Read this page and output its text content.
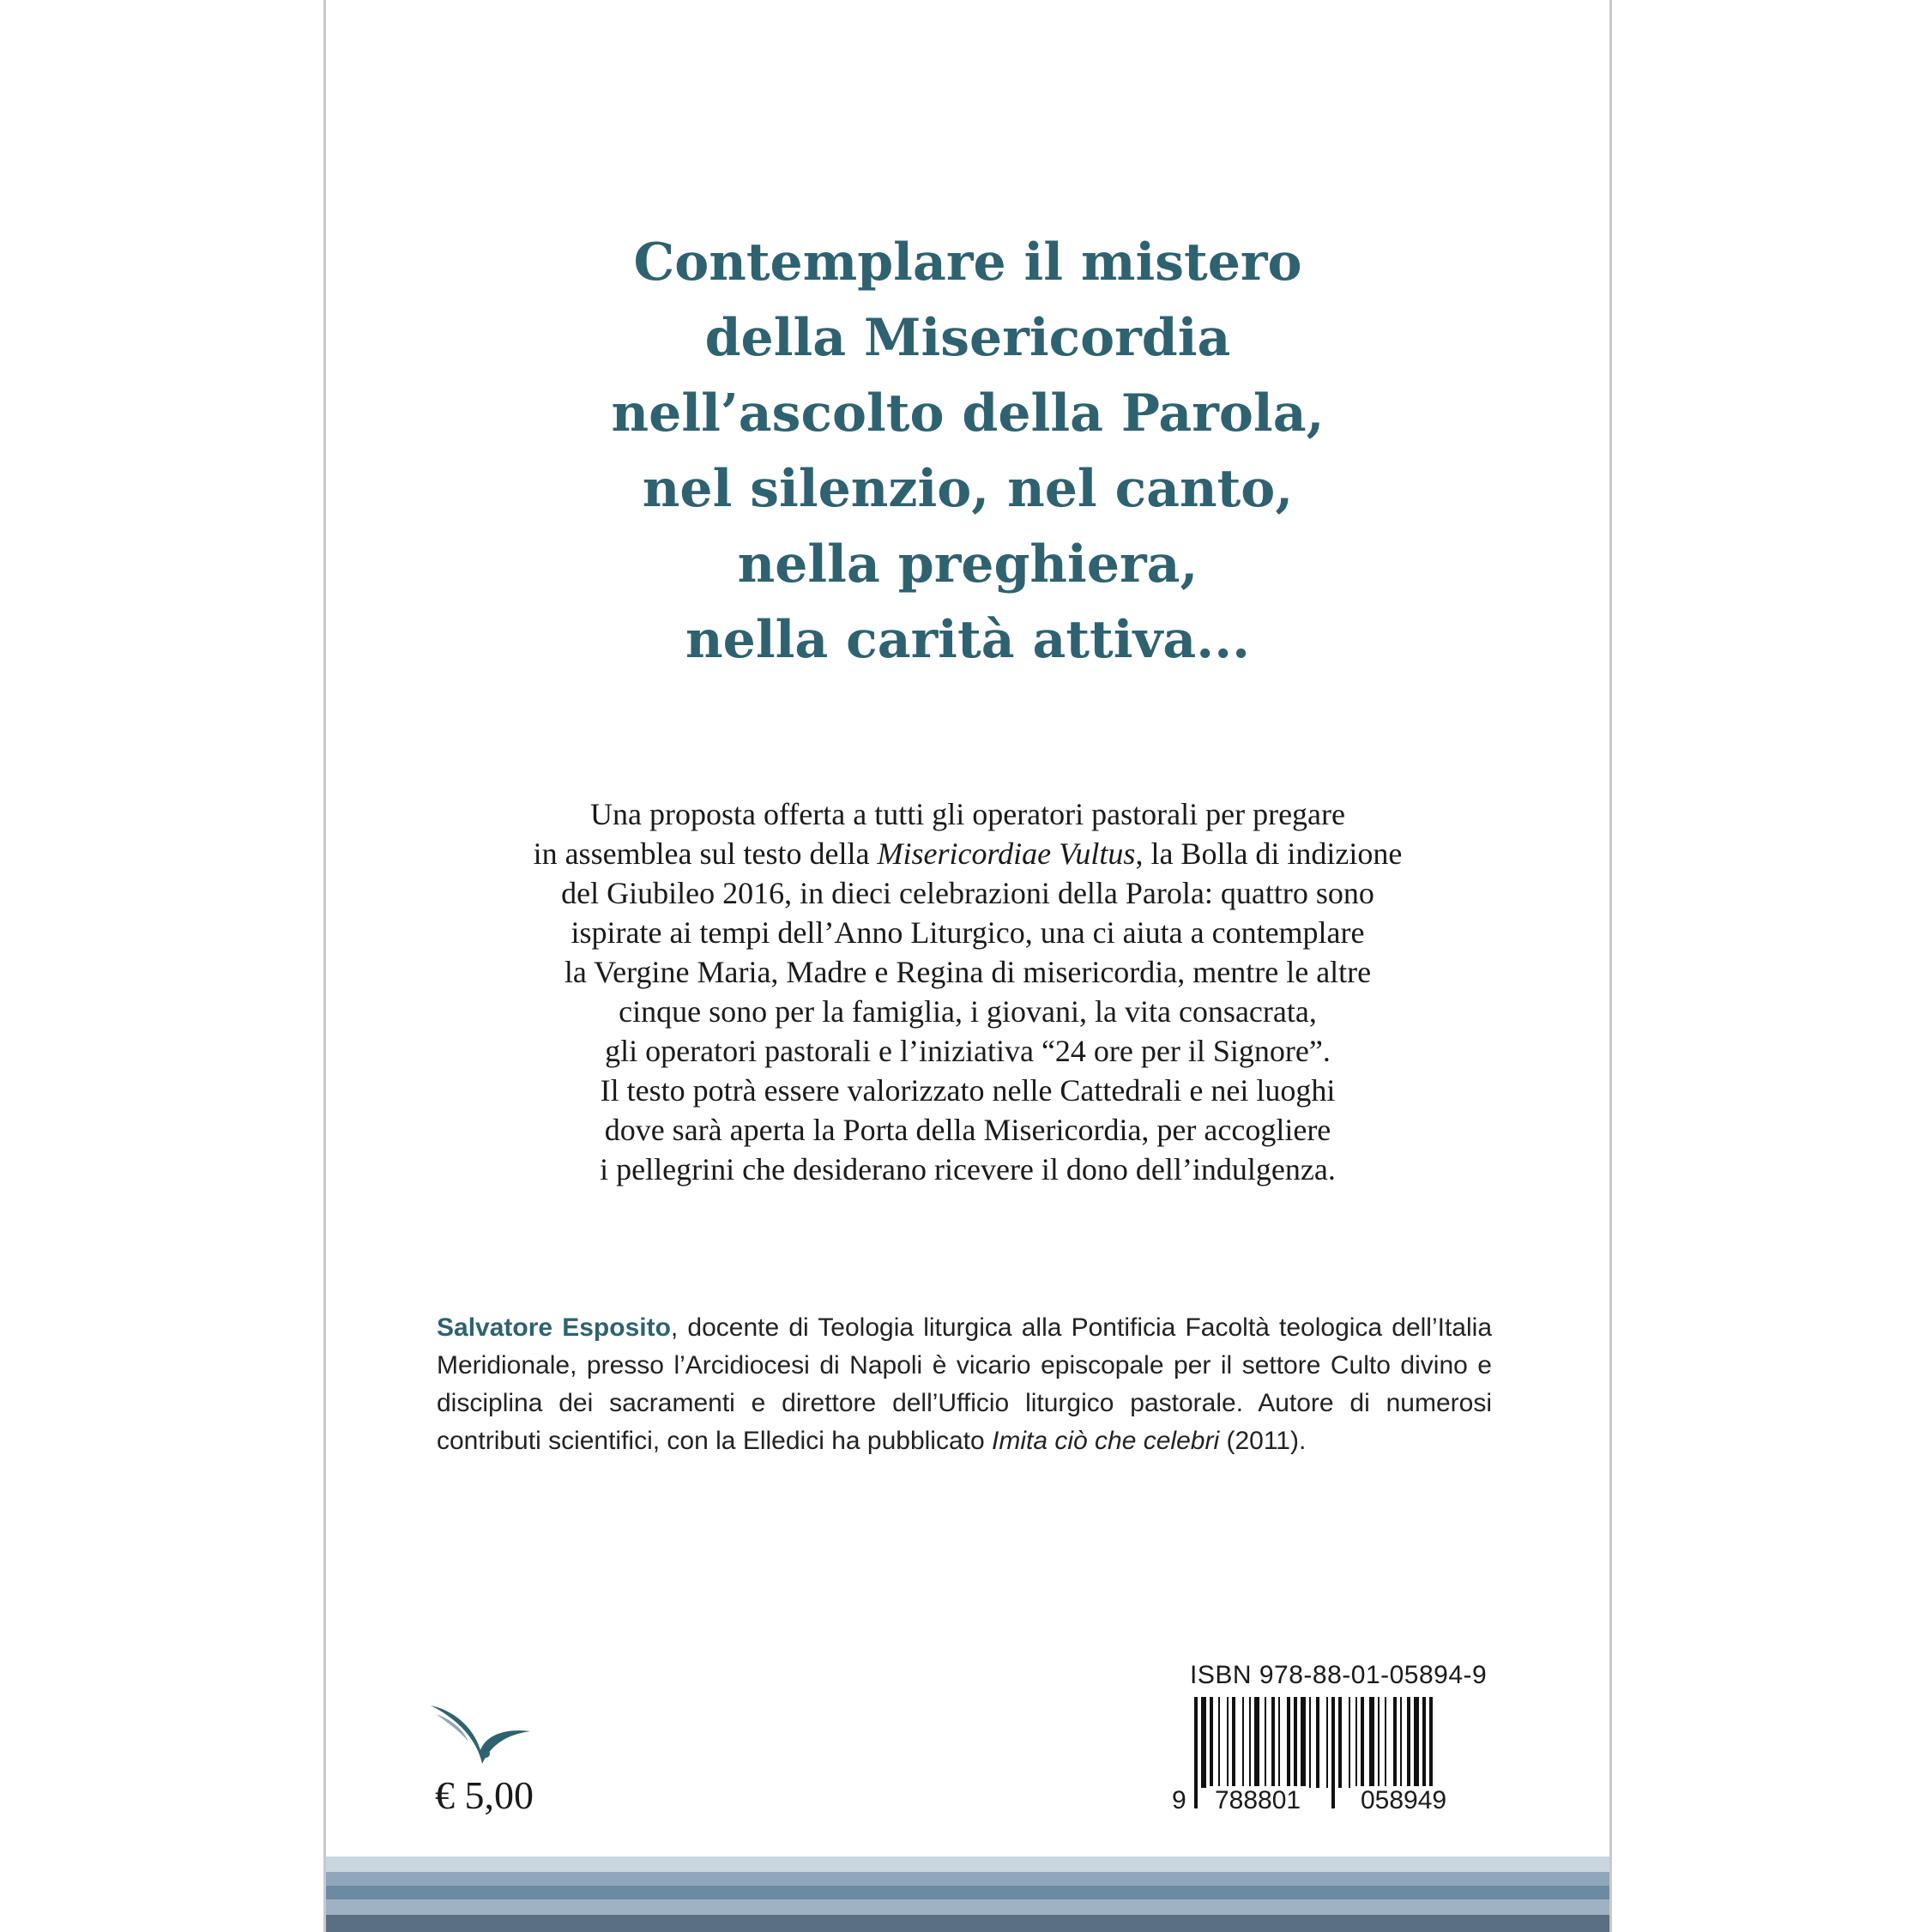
Contemplare il mistero
della Misericordia
nell’ascolto della Parola,
nel silenzio, nel canto,
nella preghiera,
nella carità attiva...

Una proposta offerta a tutti gli operatori pastorali per pregare
in assemblea sul testo della Misericordiae Vultus, la Bolla di indizione
del Giubileo 2016, in dieci celebrazioni della Parola: quattro sono
ispirate ai tempi dell’Anno Liturgico, una ci aiuta a contemplare
la Vergine Maria, Madre e Regina di misericordia, mentre le altre
cinque sono per la famiglia, i giovani, la vita consacrata,
gli operatori pastorali e l’iniziativa “24 ore per il Signore”.
Il testo potrà essere valorizzato nelle Cattedrali e nei luoghi
dove sarà aperta la Porta della Misericordia, per accogliere
i pellegrini che desiderano ricevere il dono dell’indulgenza.

Salvatore Esposito, docente di Teologia liturgica alla Pontificia Facoltà teologica dell’Italia Meridionale, presso l’Arcidiocesi di Napoli è vicario episcopale per il settore Culto divino e disciplina dei sacramenti e direttore dell’Ufficio liturgico pastorale. Autore di numerosi contributi scientifici, con la Elledici ha pubblicato Imita ciò che celebri (2011).

€ 5,00
ISBN 978-88-01-05894-9
9 788801 058949
